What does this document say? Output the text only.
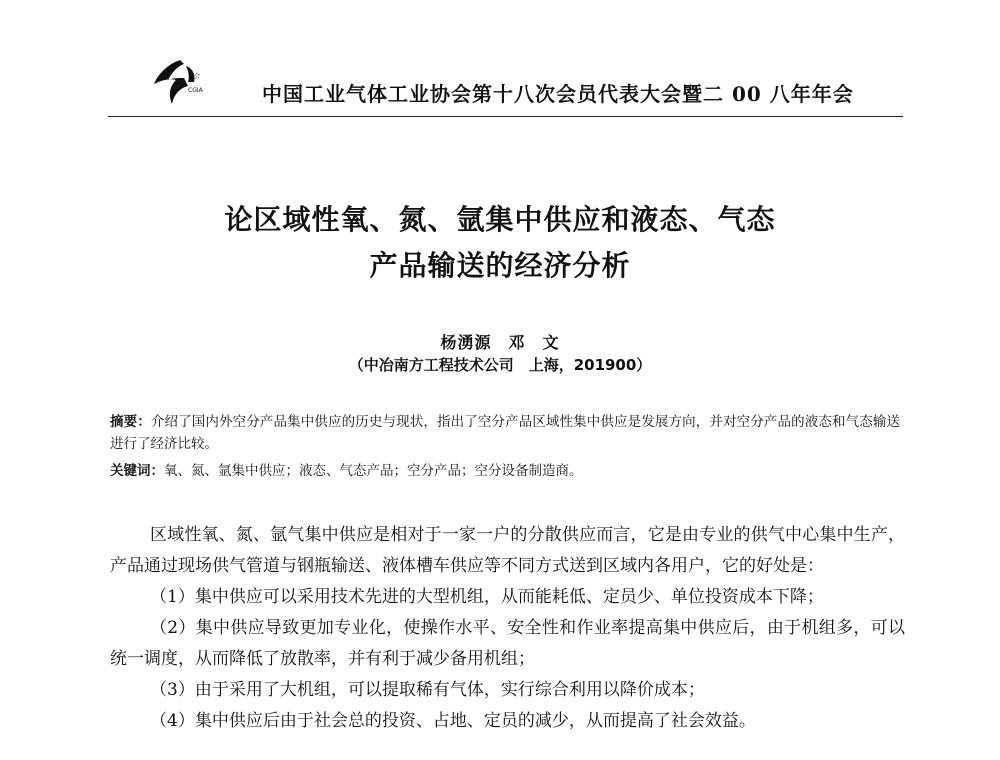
协会
CGIA	中国工业气体工业协会第十八次会员代表大会暨二 00 八年年会
论区域性氧、氮、氩集中供应和液态、气态
产品输送的经济分析
杨湧源　邓　文
（中冶南方工程技术公司　上海，201900）
摘要：介绍了国内外空分产品集中供应的历史与现状，指出了空分产品区域性集中供应是发展方向，并对空分产品的液态和气态输送进行了经济比较。
关键词：氧、氮、氩集中供应；液态、气态产品；空分产品；空分设备制造商。

区域性氧、氮、氩气集中供应是相对于一家一户的分散供应而言，它是由专业的供气中心集中生产，产品通过现场供气管道与钢瓶输送、液体槽车供应等不同方式送到区域内各用户，它的好处是：

（1）集中供应可以采用技术先进的大型机组，从而能耗低、定员少、单位投资成本下降；

（2）集中供应导致更加专业化，使操作水平、安全性和作业率提高集中供应后，由于机组多，可以统一调度，从而降低了放散率，并有利于减少备用机组；

（3）由于采用了大机组，可以提取稀有气体，实行综合利用以降价成本；

（4）集中供应后由于社会总的投资、占地、定员的减少，从而提高了社会效益。
